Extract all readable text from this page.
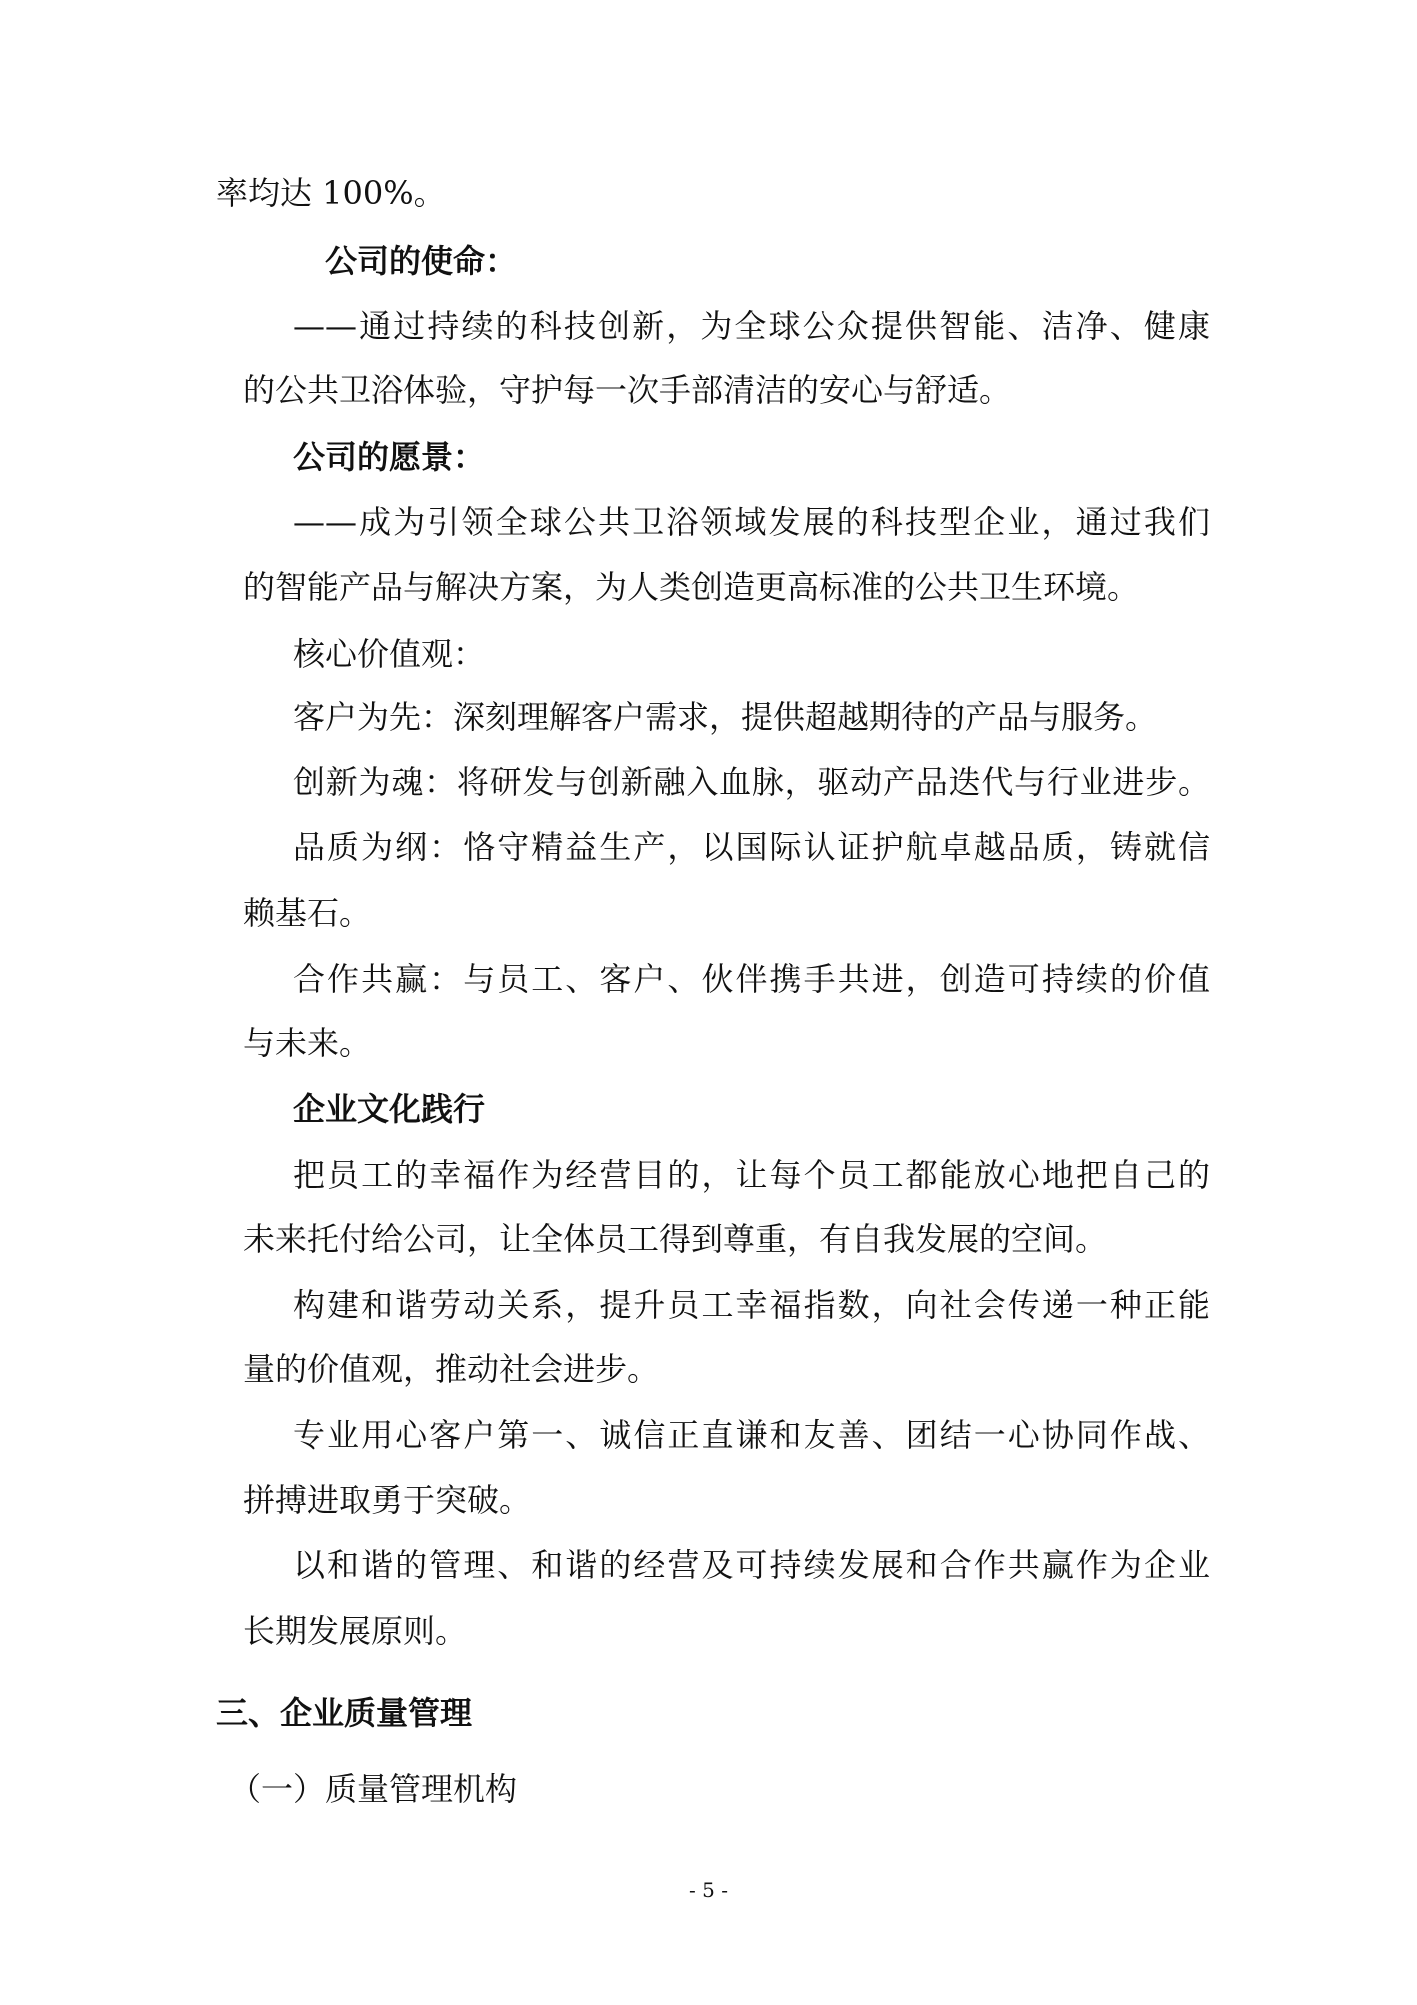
率均达 100%。
公司的使命：
——通过持续的科技创新，为全球公众提供智能、洁净、健康
的公共卫浴体验，守护每一次手部清洁的安心与舒适。
公司的愿景：
——成为引领全球公共卫浴领域发展的科技型企业，通过我们
的智能产品与解决方案，为人类创造更高标准的公共卫生环境。
核心价值观：
客户为先：深刻理解客户需求，提供超越期待的产品与服务。
创新为魂：将研发与创新融入血脉，驱动产品迭代与行业进步。
品质为纲：恪守精益生产，以国际认证护航卓越品质，铸就信
赖基石。
合作共赢：与员工、客户、伙伴携手共进，创造可持续的价值
与未来。
企业文化践行
把员工的幸福作为经营目的，让每个员工都能放心地把自己的
未来托付给公司，让全体员工得到尊重，有自我发展的空间。
构建和谐劳动关系，提升员工幸福指数，向社会传递一种正能
量的价值观，推动社会进步。
专业用心客户第一、诚信正直谦和友善、团结一心协同作战、
拼搏进取勇于突破。
以和谐的管理、和谐的经营及可持续发展和合作共赢作为企业
长期发展原则。
三、企业质量管理
（一）质量管理机构
- 5 -
